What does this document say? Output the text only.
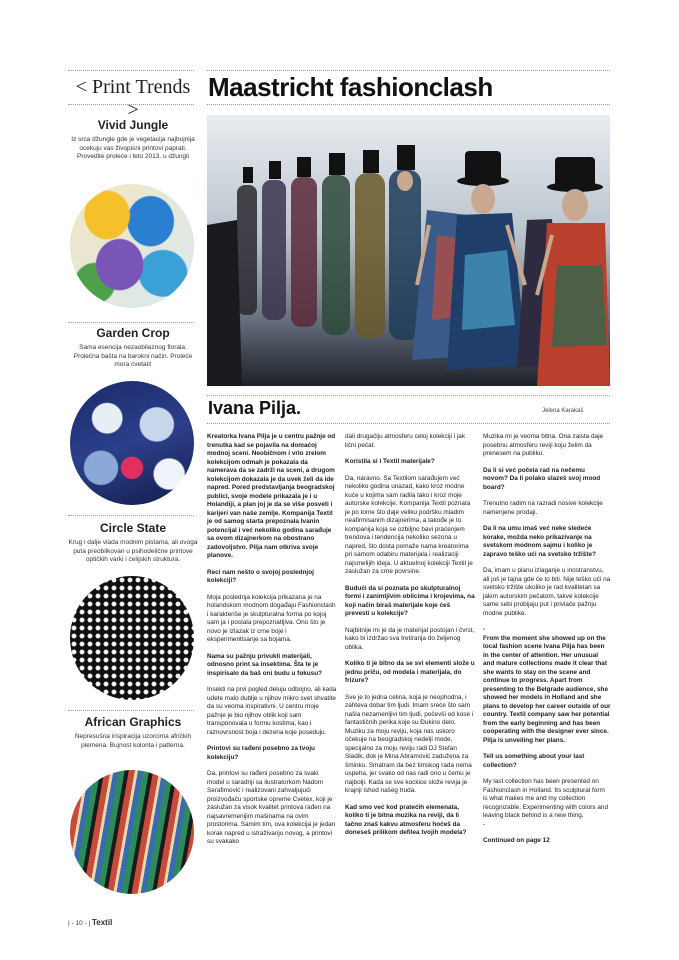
< Print Trends >
Vivid Jungle
Iz srca džungle gde je vegetacija najbujnija ocekuju vas živopisni printovi paprati. Provedite proleće i leto 2013. u džungli
Garden Crop
Sama esencija nezaobilaznog florala. Prolećna bašta na barokni način. Proleće mora cvetati!
Circle State
Krug i dalje vlada modnim pistama, ali ovoga puta preobilkovan u psihodelične printove optičkih varki i ćelijskih struktura.
African Graphics
Nepresušna inspiracija uzorcima afričkih plemena. Bujnost kolorita i patterna.
Maastricht fashionclash
Ivana Pilja.	Jelena Karakaš

Kreatorka Ivana Pilja je u centru pažnje od trenutka kad se pojavila na domaćoj modnoj sceni. Neobičnom i vrlo zrelom kolekcijom odmah je pokazala da namerava da se zadrži na sceni, a drugom kolekcijom dokazala je da uvek želi da ide napred. Pored predstavljanja beogradskoj publici, svoje modele prikazala je i u Holandiji, a plan joj je da se više posveti i karijeri van naše zemlje. Kompanija Textil je od samog starta prepoznala Ivanin potencijal i već nekoliko godina sarađuje sa ovom dizajnerkom na obostrano zadovoljstvo. Pilja nam otkriva svoje planove.

Reci nam nešto o svojoj poslednjoj kolekciji?

Moja poslednja kolekcija prikazana je na holandskom modnom događaju Fashionclash i karakteriše je skulpturalna forma po kojoj sam ja i postala prepoznatljiva. Ono što je novo je izlazak iz crne boje i eksperimentisanje sa bojama.

Nama su pažnju privukli materijali, odnosno print sa insektima. Šta te je inspirisalo da baš oni budu u fokusu?

Insekti na prvi pogled deluju odbojno, ali kada udete malo dublje u njihov mikro svet shvatite da su veoma inspirativni. U centru moje pažnje je bio njihov oblik koji sam transponovala u formu kostima, kao i raznovrsnost boja i dezena koje poseduju.

Printovi su rađeni posebno za tvoju kolekciju?

Da, printovi su rađeni posebno za svaki model u saradnji sa ilustratorkom Nadom Serafimović i realizovani zahvaljujući proizvođaču sportske opreme Cvetex, koji je zaslužan za visok kvalitet printova rađen na najsavremenijim mašinama na ovim prostorima. Samim tim, ova kolekcija je jedan korak napred u istraživanju novog, a printovi su svakako

dali drugačiju atmosferu celoj kolekciji i jak lični pečat.

Koristila si i Textil materijale?

Da, naravno. Sa Textilom sarađujem već nekoliko godina unazad, kako kroz modne kuće u kojima sam radila tako i kroz moje autorske kolekcije. Kompanija Textil poznata je po tome što daje veliku podršku mladim neafirmisanim dizajnerima, a takođe je to kompanija koja se ozbiljno bavi praćenjem trendova i tendencija nekoliko sezona u napred, što dosta pomaže nama kreatorima pri samom odabiru materijala i realizaciji najsmelijih ideja. U aktuelnoj kolekciji Textil je zaslužan za crne povrsine.

Budući da si poznata po skulpturalnoj formi i zanimljivim oblicima i krojevima, na koji način biraš materijale koje ćeš prevesti u kolekcije?

Najbitnije mi je da je materijal postojan i čvrst, kako bi izdržao sva tretiranja do željenog oblika.

Koliko ti je bitno da se svi elementi slože u jednu priču, od modela i materijala, do frizure?

Sve je to jedna celina, koja je neophodna, i zahteva dobar tim ljudi. Imam sreće što sam našla nezamenljivi tim ljudi, počevši od kose i fantastičnih perika koje su Đukino delo. Muziku za moju reviju, koja nas uskoro očekuje na beogradskoj nedelji mode, specijalno za moju reviju radi DJ Stefan Sladik, dok je Mina Abramović zadužena za šminku. Smatram da bez timskog rada nema uspeha, jer svako od nas radi ono u čemu je najbolji. Kada se sve kockice slože revija je krajnji ishod našeg truda.

Kad smo već kod pratećih elemenata, koliko ti je bitna muzika na reviji, da li tačno znaš kakvu atmosferu hoćeš da doneseš prilikom defilea tvojih modela?

Muzika mi je veoma bitna. Ona zaista daje posebnu atmosferu reviji koju želim da prenesem na publiku.

Da li si već počela rad na nečemu novom? Da li polako slazeš svoj mood board?

Trenutno radim na razradi nosive kolekcije namenjene prodaji.

Da li na umu imaš već neke sledeće korake, možda neko prikazivanje na svetskom modnom sajmu i koliko je zapravo teško ući na svetsko tržište?

Da, imam u planu izlaganje u inostranstvu, ali još je tajna gde će to biti. Nije teško ući na svetsko tržište ukoliko je rad kvalitetan sa jakim autorskim pečatom, takve kolekcije same sebi probijaju put i privlače pažnju modne publike.

-
From the moment she showed up on the local fashion scene Ivana Pilja has been in the center of attention. Her unusual and mature collections made it clear that she wants to stay on the scene and continue to progress. Apart from presenting to the Belgrade audience, she showed her models in Holland and she plans to develop her career outside of our country. Textil company saw her potential from the early beginning and has been cooperating with the designer ever since.
Pilja is unveiling her plans.

Tell us something about your last collection?

My last collection has been presented on Fashionclash in Holland. Its sculptural form is what makes me and my collection recognizable. Experimenting with colors and leaving black behind is a new thing.
-

Continued on page 12

| - 10 - | Textil
